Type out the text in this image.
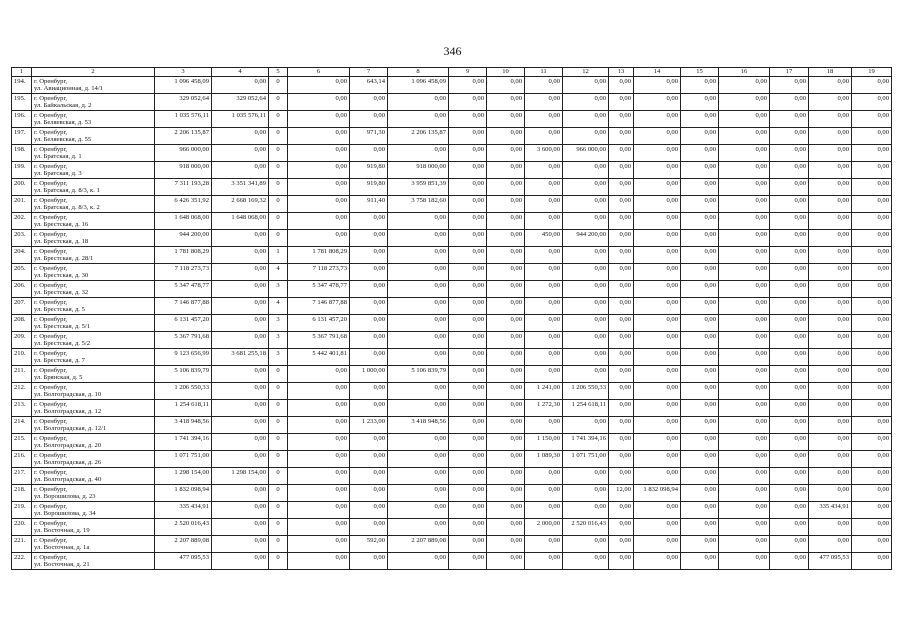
346
1	2	3	4	5	6	7	8	9	10	11	12	13	14	15	16	17	18	19
194.	г. Оренбург,
ул. Авиационная, д. 14/1	1 096 458,09	0,00	0	0,00	643,14	1 096 458,09	0,00	0,00	0,00	0,00	0,00	0,00	0,00	0,00	0,00	0,00	0,00
195.	г. Оренбург,
ул. Байкальская, д. 2	329 052,64	329 052,64	0	0,00	0,00	0,00	0,00	0,00	0,00	0,00	0,00	0,00	0,00	0,00	0,00	0,00	0,00
196.	г. Оренбург,
ул. Беляевская, д. 53	1 035 576,11	1 035 576,11	0	0,00	0,00	0,00	0,00	0,00	0,00	0,00	0,00	0,00	0,00	0,00	0,00	0,00	0,00
197.	г. Оренбург,
ул. Беляевская, д. 55	2 206 135,87	0,00	0	0,00	971,30	2 206 135,87	0,00	0,00	0,00	0,00	0,00	0,00	0,00	0,00	0,00	0,00	0,00
198.	г. Оренбург,
ул. Братская, д. 1	966 000,00	0,00	0	0,00	0,00	0,00	0,00	0,00	3 600,00	966 000,00	0,00	0,00	0,00	0,00	0,00	0,00	0,00
199.	г. Оренбург,
ул. Братская, д. 3	918 000,00	0,00	0	0,00	919,80	918 000,00	0,00	0,00	0,00	0,00	0,00	0,00	0,00	0,00	0,00	0,00	0,00
200.	г. Оренбург,
ул. Братская, д. 8/3, к. 1	7 311 193,28	3 351 341,89	0	0,00	919,80	3 959 851,39	0,00	0,00	0,00	0,00	0,00	0,00	0,00	0,00	0,00	0,00	0,00
201.	г. Оренбург,
ул. Братская, д. 8/3, к. 2	6 426 351,92	2 668 169,32	0	0,00	911,40	3 758 182,60	0,00	0,00	0,00	0,00	0,00	0,00	0,00	0,00	0,00	0,00	0,00
202.	г. Оренбург,
ул. Брестская, д. 16	1 648 068,00	1 648 068,00	0	0,00	0,00	0,00	0,00	0,00	0,00	0,00	0,00	0,00	0,00	0,00	0,00	0,00	0,00
203.	г. Оренбург,
ул. Брестская, д. 18	944 200,00	0,00	0	0,00	0,00	0,00	0,00	0,00	450,00	944 200,00	0,00	0,00	0,00	0,00	0,00	0,00	0,00
204.	г. Оренбург,
ул. Брестская, д. 28/1	1 781 808,29	0,00	1	1 781 808,29	0,00	0,00	0,00	0,00	0,00	0,00	0,00	0,00	0,00	0,00	0,00	0,00	0,00
205.	г. Оренбург,
ул. Брестская, д. 30	7 118 273,73	0,00	4	7 118 273,73	0,00	0,00	0,00	0,00	0,00	0,00	0,00	0,00	0,00	0,00	0,00	0,00	0,00
206.	г. Оренбург,
ул. Брестская, д. 32	5 347 478,77	0,00	3	5 347 478,77	0,00	0,00	0,00	0,00	0,00	0,00	0,00	0,00	0,00	0,00	0,00	0,00	0,00
207.	г. Оренбург,
ул. Брестская, д. 5	7 146 877,88	0,00	4	7 146 877,88	0,00	0,00	0,00	0,00	0,00	0,00	0,00	0,00	0,00	0,00	0,00	0,00	0,00
208.	г. Оренбург,
ул. Брестская, д. 5/1	6 131 457,20	0,00	3	6 131 457,20	0,00	0,00	0,00	0,00	0,00	0,00	0,00	0,00	0,00	0,00	0,00	0,00	0,00
209.	г. Оренбург,
ул. Брестская, д. 5/2	5 367 791,68	0,00	3	5 367 791,68	0,00	0,00	0,00	0,00	0,00	0,00	0,00	0,00	0,00	0,00	0,00	0,00	0,00
210.	г. Оренбург,
ул. Брестская, д. 7	9 123 656,99	3 681 255,18	3	5 442 401,81	0,00	0,00	0,00	0,00	0,00	0,00	0,00	0,00	0,00	0,00	0,00	0,00	0,00
211.	г. Оренбург,
ул. Брянская, д. 5	5 106 839,79	0,00	0	0,00	1 000,00	5 106 839,79	0,00	0,00	0,00	0,00	0,00	0,00	0,00	0,00	0,00	0,00	0,00
212.	г. Оренбург,
ул. Волгоградская, д. 10	1 206 550,33	0,00	0	0,00	0,00	0,00	0,00	0,00	1 241,00	1 206 550,33	0,00	0,00	0,00	0,00	0,00	0,00	0,00
213.	г. Оренбург,
ул. Волгоградская, д. 12	1 254 618,11	0,00	0	0,00	0,00	0,00	0,00	0,00	1 272,30	1 254 618,11	0,00	0,00	0,00	0,00	0,00	0,00	0,00
214.	г. Оренбург,
ул. Волгоградская, д. 12/1	3 418 948,56	0,00	0	0,00	1 233,00	3 418 948,56	0,00	0,00	0,00	0,00	0,00	0,00	0,00	0,00	0,00	0,00	0,00
215.	г. Оренбург,
ул. Волгоградская, д. 20	1 741 394,16	0,00	0	0,00	0,00	0,00	0,00	0,00	1 150,00	1 741 394,16	0,00	0,00	0,00	0,00	0,00	0,00	0,00
216.	г. Оренбург,
ул. Волгоградская, д. 26	1 071 751,00	0,00	0	0,00	0,00	0,00	0,00	0,00	1 089,30	1 071 751,00	0,00	0,00	0,00	0,00	0,00	0,00	0,00
217.	г. Оренбург,
ул. Волгоградская, д. 40	1 298 154,00	1 298 154,00	0	0,00	0,00	0,00	0,00	0,00	0,00	0,00	0,00	0,00	0,00	0,00	0,00	0,00	0,00
218.	г. Оренбург,
ул. Ворошилова, д. 23	1 832 098,94	0,00	0	0,00	0,00	0,00	0,00	0,00	0,00	0,00	12,00	1 832 098,94	0,00	0,00	0,00	0,00	0,00
219.	г. Оренбург,
ул. Ворошилова, д. 34	335 434,91	0,00	0	0,00	0,00	0,00	0,00	0,00	0,00	0,00	0,00	0,00	0,00	0,00	0,00	335 434,91	0,00
220.	г. Оренбург,
ул. Восточная, д. 19	2 520 016,43	0,00	0	0,00	0,00	0,00	0,00	0,00	2 000,00	2 520 016,43	0,00	0,00	0,00	0,00	0,00	0,00	0,00
221.	г. Оренбург,
ул. Восточная, д. 1а	2 207 889,08	0,00	0	0,00	592,00	2 207 889,08	0,00	0,00	0,00	0,00	0,00	0,00	0,00	0,00	0,00	0,00	0,00
222.	г. Оренбург,
ул. Восточная, д. 21	477 095,53	0,00	0	0,00	0,00	0,00	0,00	0,00	0,00	0,00	0,00	0,00	0,00	0,00	0,00	477 095,53	0,00
